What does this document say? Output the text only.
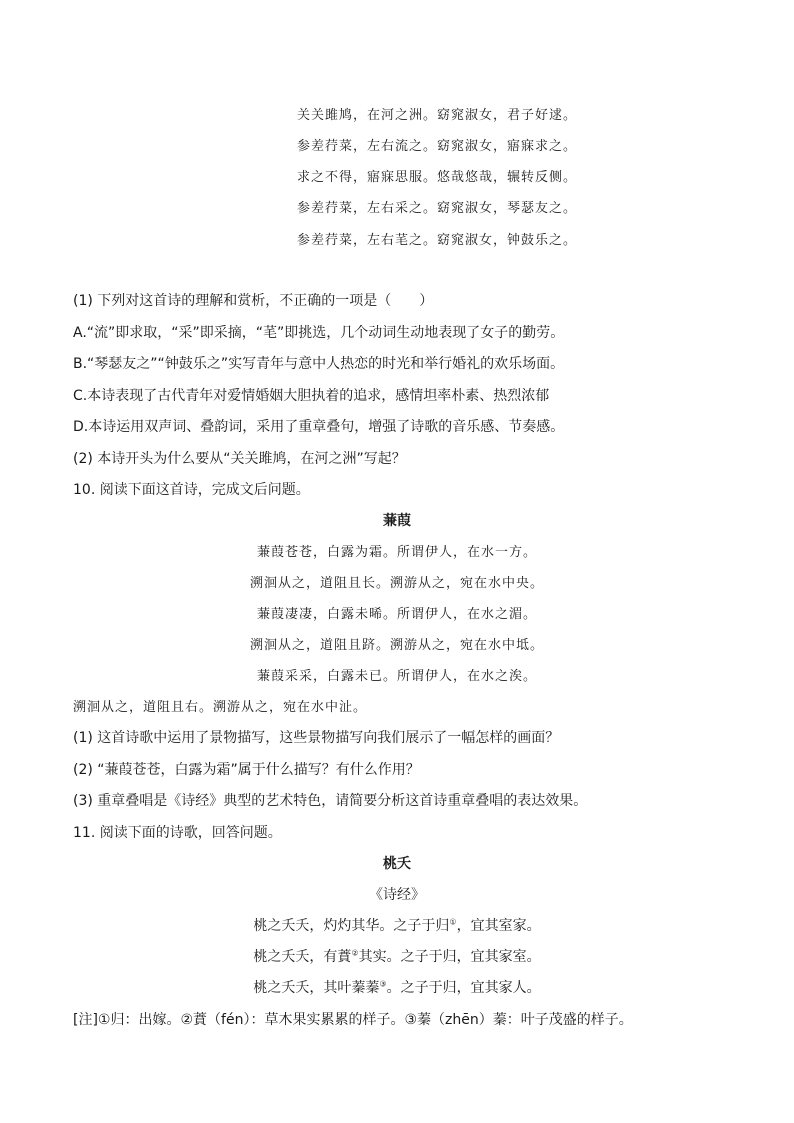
关关雎鸠，在河之洲。窈窕淑女，君子好逑。
参差荇菜，左右流之。窈窕淑女，寤寐求之。
求之不得，寤寐思服。悠哉悠哉，辗转反侧。
参差荇菜，左右采之。窈窕淑女，琴瑟友之。
参差荇菜，左右芼之。窈窕淑女，钟鼓乐之。
(1) 下列对这首诗的理解和赏析，不正确的一项是（　　）
A.“流”即求取，“采”即采摘，“芼”即挑选，几个动词生动地表现了女子的勤劳。
B.“琴瑟友之”“钟鼓乐之”实写青年与意中人热恋的时光和举行婚礼的欢乐场面。
C.本诗表现了古代青年对爱情婚姻大胆执着的追求，感情坦率朴素、热烈浓郁
D.本诗运用双声词、叠韵词，采用了重章叠句，增强了诗歌的音乐感、节奏感。
(2) 本诗开头为什么要从“关关雎鸠，在河之洲”写起？
10. 阅读下面这首诗，完成文后问题。
蒹葭
蒹葭苍苍，白露为霜。所谓伊人，在水一方。
溯洄从之，道阻且长。溯游从之，宛在水中央。
蒹葭凄凄，白露未晞。所谓伊人，在水之湄。
溯洄从之，道阻且跻。溯游从之，宛在水中坻。
蒹葭采采，白露未已。所谓伊人，在水之涘。
溯洄从之，道阻且右。溯游从之，宛在水中沚。
(1) 这首诗歌中运用了景物描写，这些景物描写向我们展示了一幅怎样的画面？
(2) “蒹葭苍苍，白露为霜”属于什么描写？有什么作用？
(3) 重章叠唱是《诗经》典型的艺术特色，请简要分析这首诗重章叠唱的表达效果。
11. 阅读下面的诗歌，回答问题。
桃夭
《诗经》
桃之夭夭，灼灼其华。之子于归①，宜其室家。
桃之夭夭，有蕡②其实。之子于归，宜其家室。
桃之夭夭，其叶蓁蓁③。之子于归，宜其家人。
[注]①归：出嫁。②蕡（fén）：草木果实累累的样子。③蓁（zhēn）蓁：叶子茂盛的样子。
